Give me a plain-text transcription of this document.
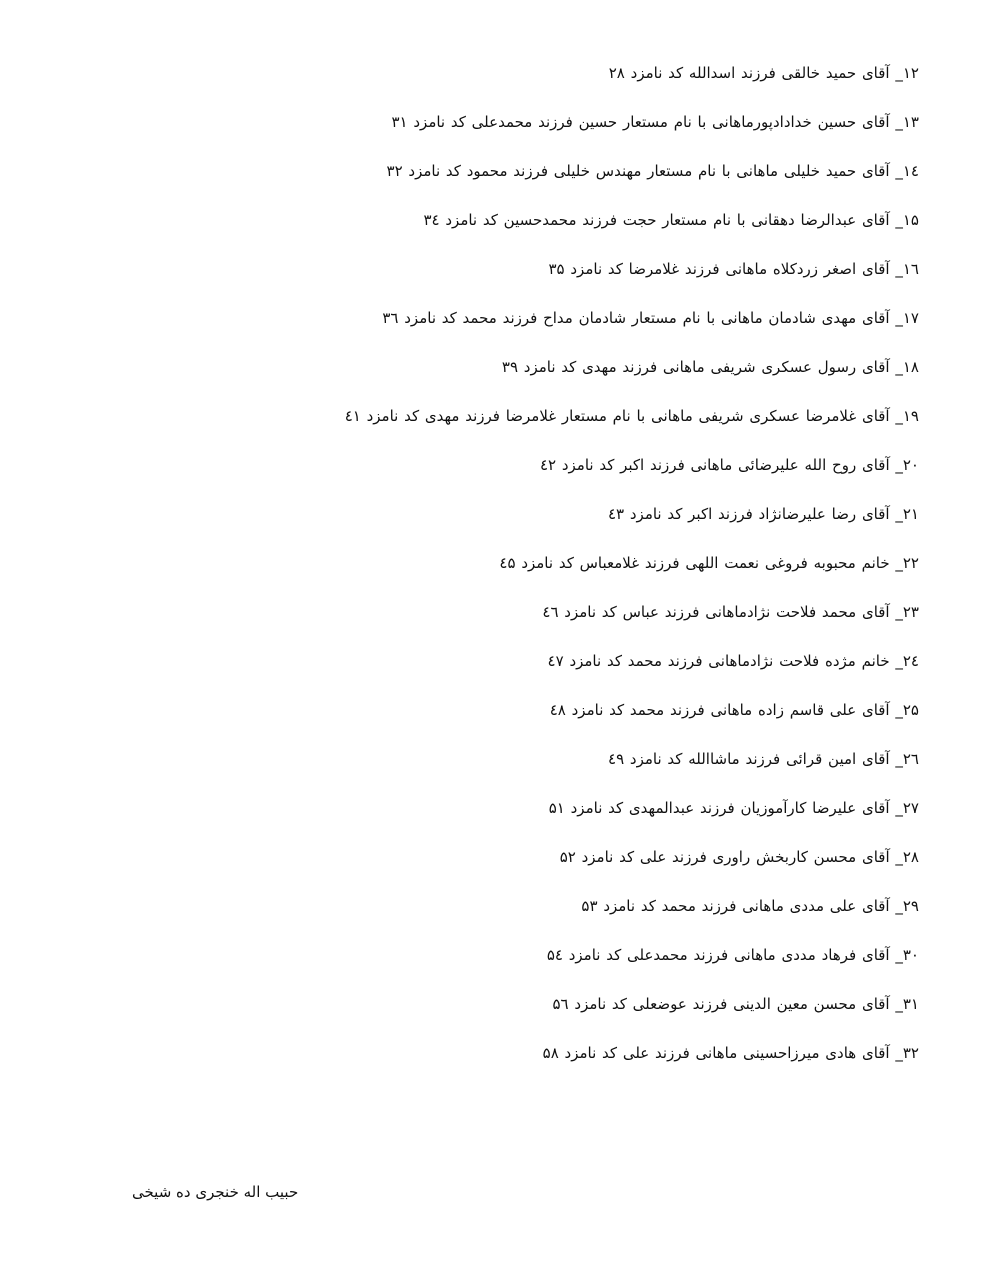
۱۲_ آقای حمید خالقی فرزند اسدالله کد نامزد ۲۸
۱۳_ آقای حسین خدادادپورماهانی با نام مستعار حسین فرزند محمدعلی کد نامزد ۳۱
۱٤_ آقای حمید خلیلی ماهانی با نام مستعار مهندس خلیلی فرزند محمود کد نامزد ۳۲
۱۵_ آقای عبدالرضا دهقانی با نام مستعار حجت فرزند محمدحسین کد نامزد ۳٤
۱٦_ آقای اصغر زردکلاه ماهانی فرزند غلامرضا کد نامزد ۳۵
۱۷_ آقای مهدی شادمان ماهانی با نام مستعار شادمان مداح فرزند محمد کد نامزد ۳٦
۱۸_ آقای رسول عسکری شریفی ماهانی فرزند مهدی کد نامزد ۳۹
۱۹_ آقای غلامرضا عسکری شریفی ماهانی با نام مستعار غلامرضا فرزند مهدی کد نامزد ٤۱
۲۰_ آقای روح الله علیرضائی ماهانی فرزند اکبر کد نامزد ٤۲
۲۱_ آقای رضا علیرضانژاد فرزند اکبر کد نامزد ٤۳
۲۲_ خانم محبوبه فروغی نعمت اللهی فرزند غلامعباس کد نامزد ٤۵
۲۳_ آقای محمد فلاحت نژادماهانی فرزند عباس کد نامزد ٤٦
۲٤_ خانم مژده فلاحت نژادماهانی فرزند محمد کد نامزد ٤۷
۲۵_ آقای علی قاسم زاده ماهانی فرزند محمد کد نامزد ٤۸
۲٦_ آقای امین قرائی فرزند ماشاالله کد نامزد ٤۹
۲۷_ آقای علیرضا کارآموزیان فرزند عبدالمهدی کد نامزد ۵۱
۲۸_ آقای محسن کاربخش راوری فرزند علی کد نامزد ۵۲
۲۹_ آقای علی مددی ماهانی فرزند محمد کد نامزد ۵۳
۳۰_ آقای فرهاد مددی ماهانی فرزند محمدعلی کد نامزد ۵٤
۳۱_ آقای محسن معین الدینی فرزند عوضعلی کد نامزد ۵٦
۳۲_ آقای هادی میرزاحسینی ماهانی فرزند علی کد نامزد ۵۸
حبیب اله خنجری ده شیخی
